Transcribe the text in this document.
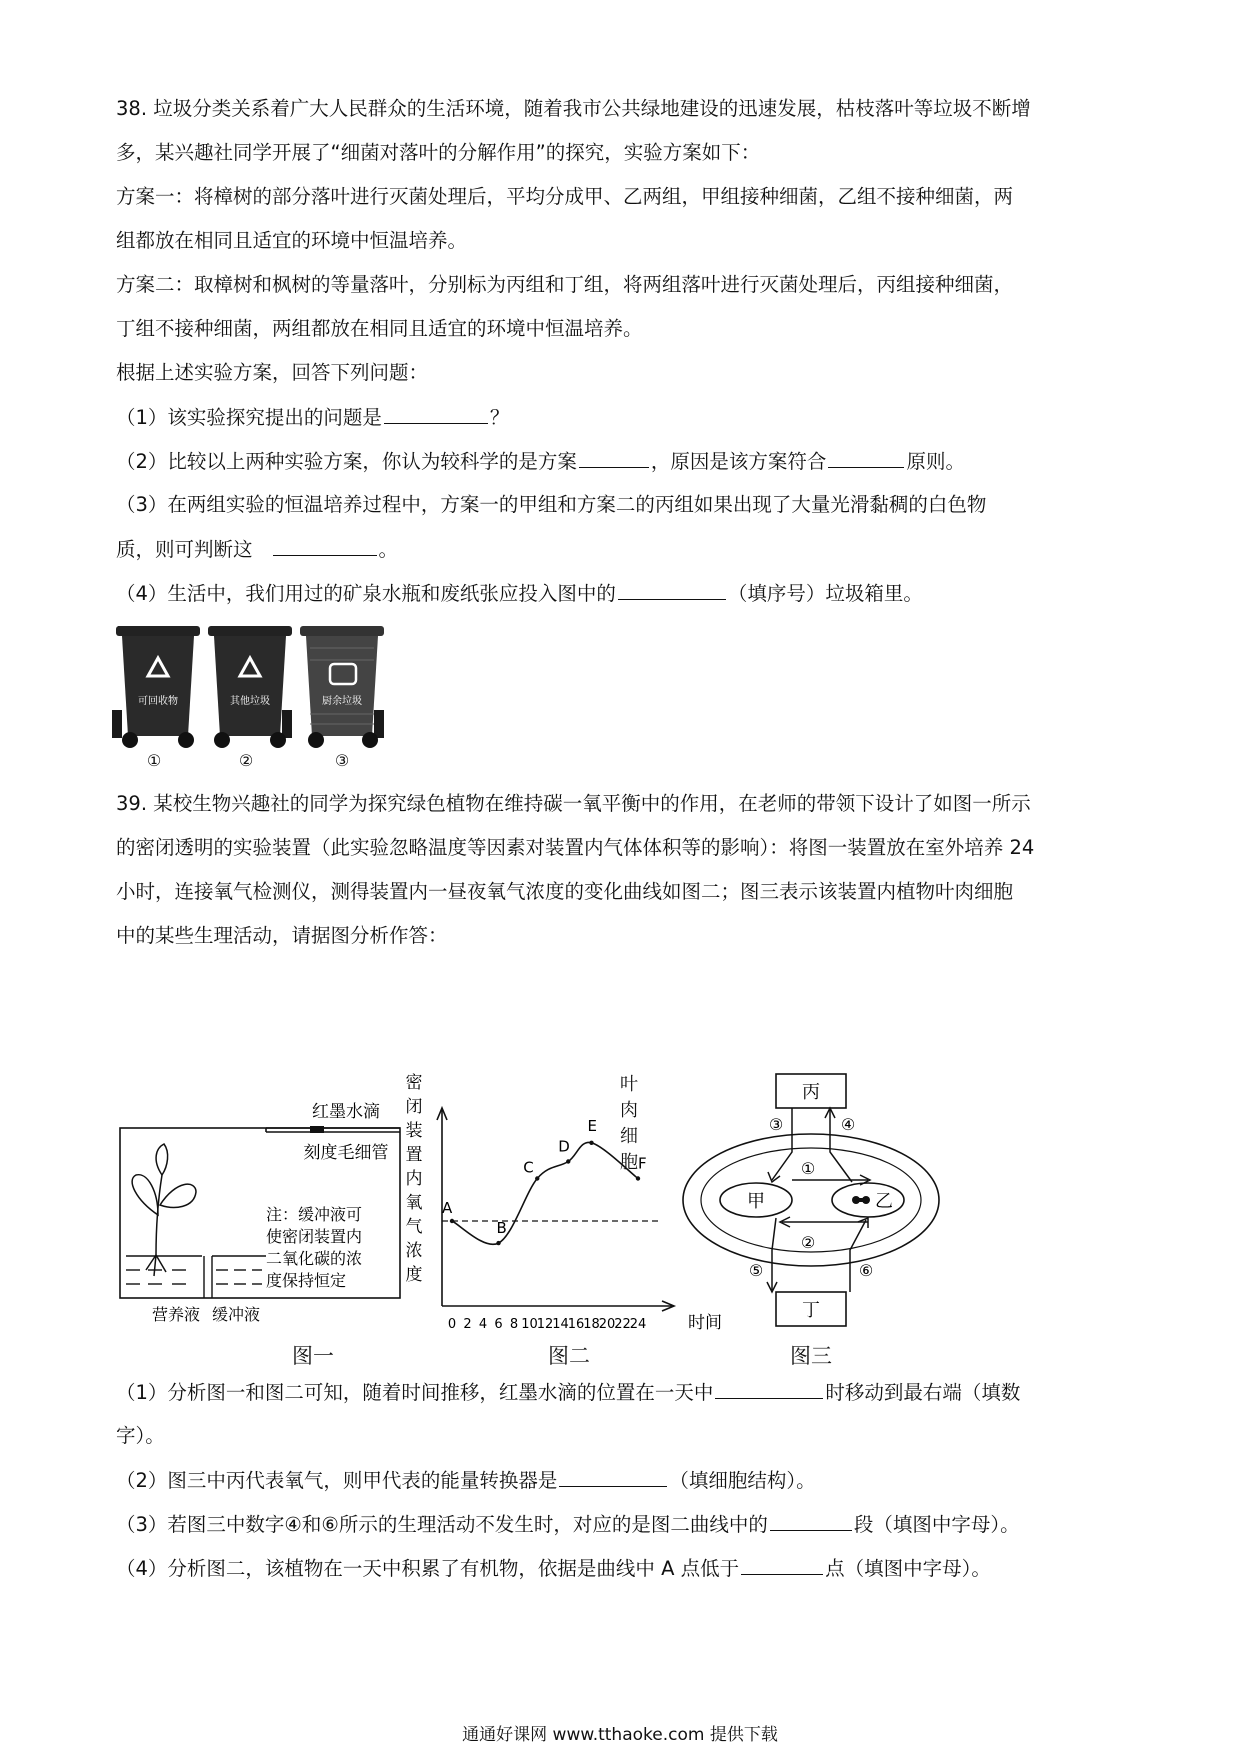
38. 垃圾分类关系着广大人民群众的生活环境，随着我市公共绿地建设的迅速发展，枯枝落叶等垃圾不断增
多，某兴趣社同学开展了“细菌对落叶的分解作用”的探究，实验方案如下：
方案一：将樟树的部分落叶进行灭菌处理后，平均分成甲、乙两组，甲组接种细菌，乙组不接种细菌，两
组都放在相同且适宜的环境中恒温培养。
方案二：取樟树和枫树的等量落叶，分别标为丙组和丁组，将两组落叶进行灭菌处理后，丙组接种细菌，
丁组不接种细菌，两组都放在相同且适宜的环境中恒温培养。
根据上述实验方案，回答下列问题：
（1）该实验探究提出的问题是	？
（2）比较以上两种实验方案，你认为较科学的是方案	，原因是该方案符合	原则。
（3）在两组实验的恒温培养过程中，方案一的甲组和方案二的丙组如果出现了大量光滑黏稠的白色物
质，则可判断这	。
（4）生活中，我们用过的矿泉水瓶和废纸张应投入图中的	（填序号）垃圾箱里。
可回收物
①
其他垃圾
②
厨余垃圾
③
39. 某校生物兴趣社的同学为探究绿色植物在维持碳一氧平衡中的作用，在老师的带领下设计了如图一所示
的密闭透明的实验装置（此实验忽略温度等因素对装置内气体体积等的影响）：将图一装置放在室外培养 24
小时，连接氧气检测仪，测得装置内一昼夜氧气浓度的变化曲线如图二；图三表示该装置内植物叶肉细胞
中的某些生理活动，请据图分析作答：
红墨水滴
刻度毛细管
注：缓冲液可
使密闭装置内
二氧化碳的浓
度保持恒定
营养液 缓冲液
图一
密
闭
装
置
内
氧
气
浓
度
A
B
C
D
E
F
0 2 4 6 8 10
12
14
16
18
20
22
24 时间
图二
丙
丁
甲	乙
①
②
③	④
⑤	⑥
叶
肉
细
胞
图三
（1）分析图一和图二可知，随着时间推移，红墨水滴的位置在一天中	时移动到最右端（填数
字）。
（2）图三中丙代表氧气，则甲代表的能量转换器是	（填细胞结构）。
（3）若图三中数字④和⑥所示的生理活动不发生时，对应的是图二曲线中的	段（填图中字母）。
（4）分析图二，该植物在一天中积累了有机物，依据是曲线中 A 点低于	点（填图中字母）。
通通好课网 www.tthaoke.com 提供下载
